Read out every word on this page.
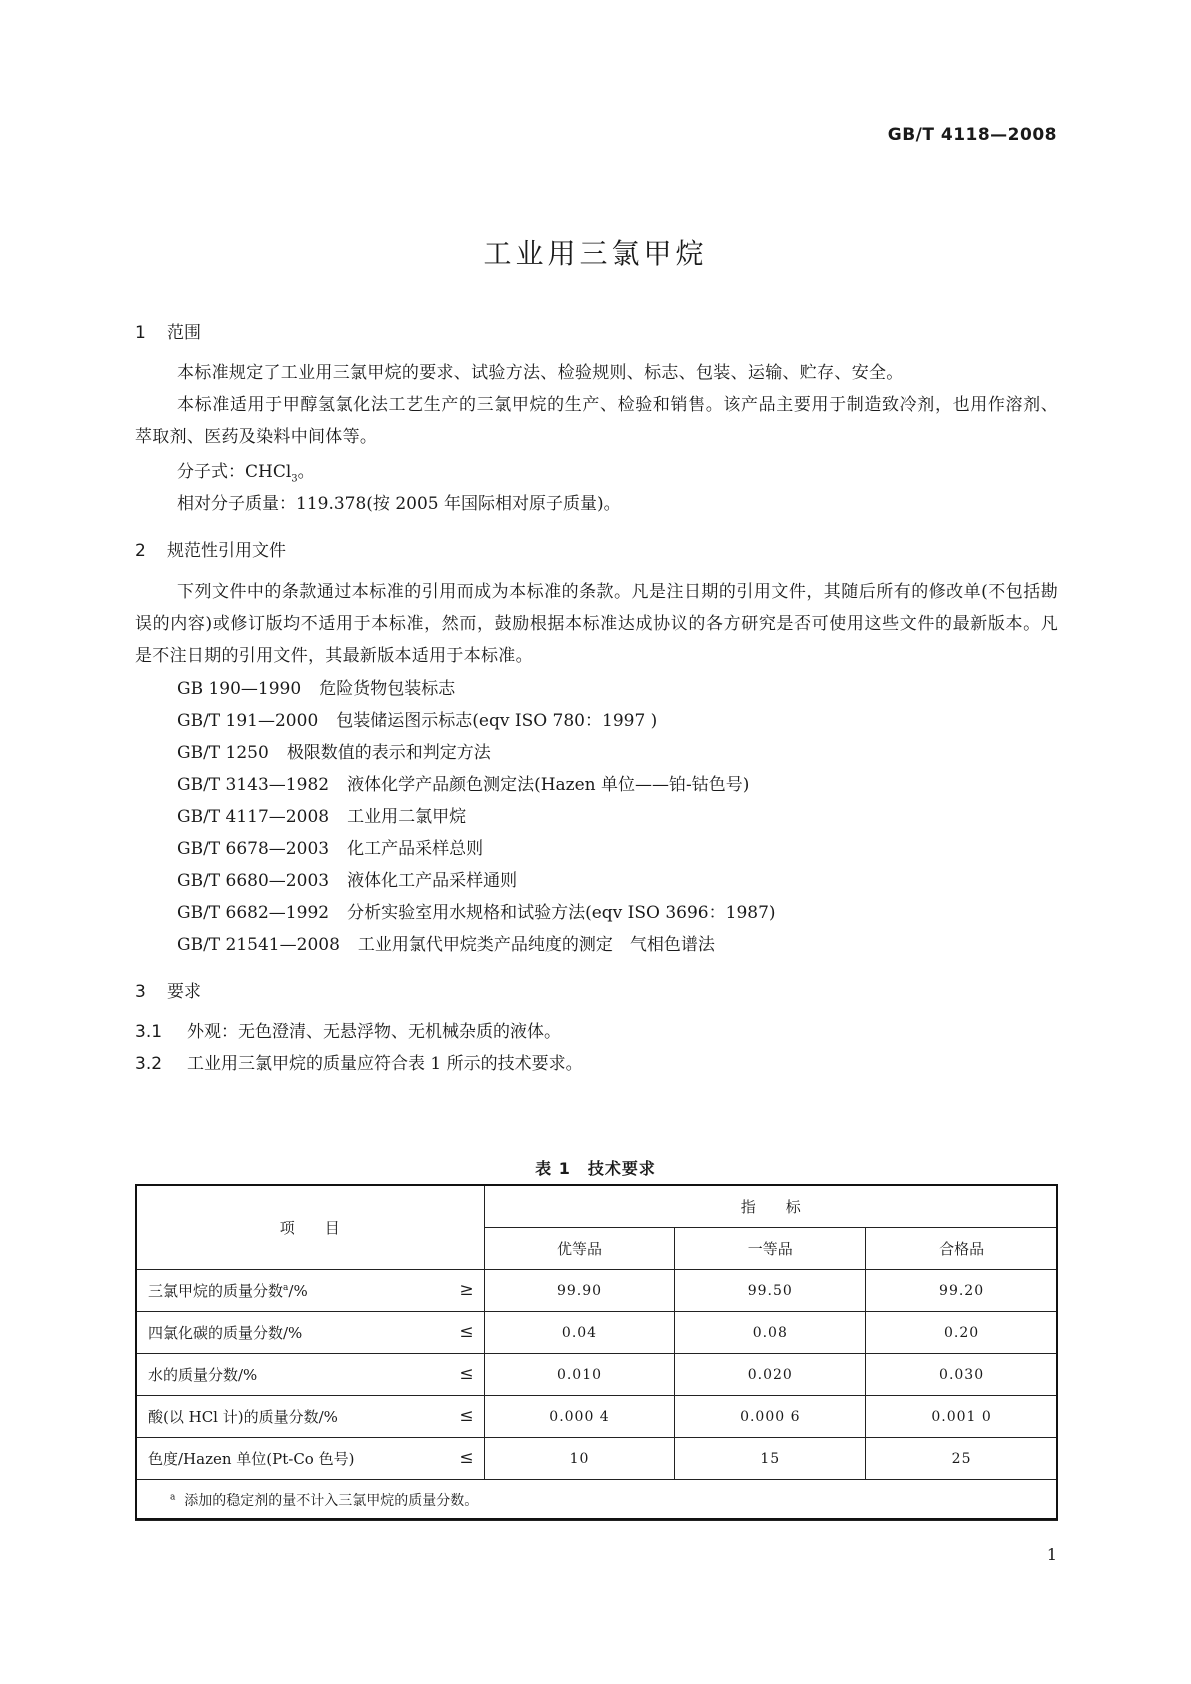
GB/T 4118—2008
工业用三氯甲烷
1 范围
本标准规定了工业用三氯甲烷的要求、试验方法、检验规则、标志、包装、运输、贮存、安全。
本标准适用于甲醇氢氯化法工艺生产的三氯甲烷的生产、检验和销售。该产品主要用于制造致冷剂，也用作溶剂、萃取剂、医药及染料中间体等。
分子式：CHCl$_3$。
相对分子质量：119.378(按 2005 年国际相对原子质量)。
2 规范性引用文件
下列文件中的条款通过本标准的引用而成为本标准的条款。凡是注日期的引用文件，其随后所有的修改单(不包括勘误的内容)或修订版均不适用于本标准，然而，鼓励根据本标准达成协议的各方研究是否可使用这些文件的最新版本。凡是不注日期的引用文件，其最新版本适用于本标准。
GB 190—1990 危险货物包装标志
GB/T 191—2000 包装储运图示标志(eqv ISO 780：1997 )
GB/T 1250 极限数值的表示和判定方法
GB/T 3143—1982 液体化学产品颜色测定法(Hazen 单位——铂-钴色号)
GB/T 4117—2008 工业用二氯甲烷
GB/T 6678—2003 化工产品采样总则
GB/T 6680—2003 液体化工产品采样通则
GB/T 6682—1992 分析实验室用水规格和试验方法(eqv ISO 3696：1987)
GB/T 21541—2008 工业用氯代甲烷类产品纯度的测定　气相色谱法
3 要求
3.1 外观：无色澄清、无悬浮物、无机械杂质的液体。
3.2 工业用三氯甲烷的质量应符合表 1 所示的技术要求。
表 1　技术要求
项　　目	指　　标		
	优等品	一等品	合格品
三氯甲烷的质量分数$^a$/% ≥	99.90	99.50	99.20
四氯化碳的质量分数/% ≤	0.04	0.08	0.20
水的质量分数/% ≤	0.010	0.020	0.030
酸(以 HCl 计)的质量分数/% ≤	0.000 4	0.000 6	0.001 0
色度/Hazen 单位(Pt-Co 色号) ≤	10	15	25
$^a$ 添加的稳定剂的量不计入三氯甲烷的质量分数。			
1
